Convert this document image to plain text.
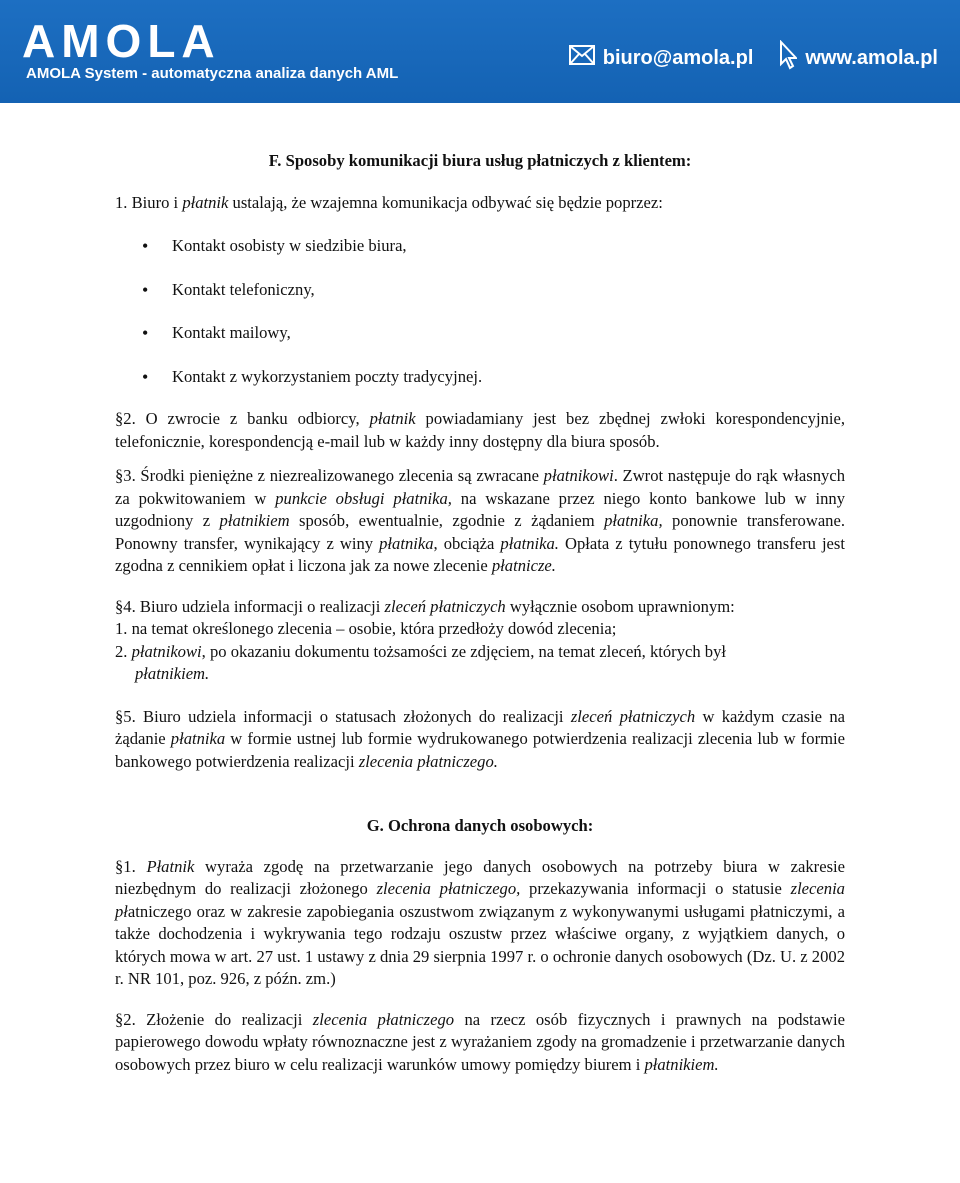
AMOLA
AMOLA System - automatyczna analiza danych AML
biuro@amola.pl	www.amola.pl

F. Sposoby komunikacji biura usług płatniczych z klientem:

1. Biuro i płatnik ustalają, że wzajemna komunikacja odbywać się będzie poprzez:

• Kontakt osobisty w siedzibie biura,
• Kontakt telefoniczny,
• Kontakt mailowy,
• Kontakt z wykorzystaniem poczty tradycyjnej.

§2. O zwrocie z banku odbiorcy, płatnik powiadamiany jest bez zbędnej zwłoki korespondencyjnie, telefonicznie, korespondencją e-mail lub w każdy inny dostępny dla biura sposób.

§3. Środki pieniężne z niezrealizowanego zlecenia są zwracane płatnikowi. Zwrot następuje do rąk własnych za pokwitowaniem w punkcie obsługi płatnika, na wskazane przez niego konto bankowe lub w inny uzgodniony z płatnikiem sposób, ewentualnie, zgodnie z żądaniem płatnika, ponownie transferowane. Ponowny transfer, wynikający z winy płatnika, obciąża płatnika. Opłata z tytułu ponownego transferu jest zgodna z cennikiem opłat i liczona jak za nowe zlecenie płatnicze.

§4. Biuro udziela informacji o realizacji zleceń płatniczych wyłącznie osobom uprawnionym:

1. na temat określonego zlecenia – osobie, która przedłoży dowód zlecenia;

2. płatnikowi, po okazaniu dokumentu tożsamości ze zdjęciem, na temat zleceń, których był
płatnikiem.

§5. Biuro udziela informacji o statusach złożonych do realizacji zleceń płatniczych w każdym czasie na żądanie płatnika w formie ustnej lub formie wydrukowanego potwierdzenia realizacji zlecenia lub w formie bankowego potwierdzenia realizacji zlecenia płatniczego.

G. Ochrona danych osobowych:

§1. Płatnik wyraża zgodę na przetwarzanie jego danych osobowych na potrzeby biura w zakresie niezbędnym do realizacji złożonego zlecenia płatniczego, przekazywania informacji o statusie zlecenia płatniczego oraz w zakresie zapobiegania oszustwom związanym z wykonywanymi usługami płatniczymi, a także dochodzenia i wykrywania tego rodzaju oszustw przez właściwe organy, z wyjątkiem danych, o których mowa w art. 27 ust. 1 ustawy z dnia 29 sierpnia 1997 r. o ochronie danych osobowych (Dz. U. z 2002 r. NR 101, poz. 926, z późn. zm.)

§2. Złożenie do realizacji zlecenia płatniczego na rzecz osób fizycznych i prawnych na podstawie papierowego dowodu wpłaty równoznaczne jest z wyrażaniem zgody na gromadzenie i przetwarzanie danych osobowych przez biuro w celu realizacji warunków umowy pomiędzy biurem i płatnikiem.
